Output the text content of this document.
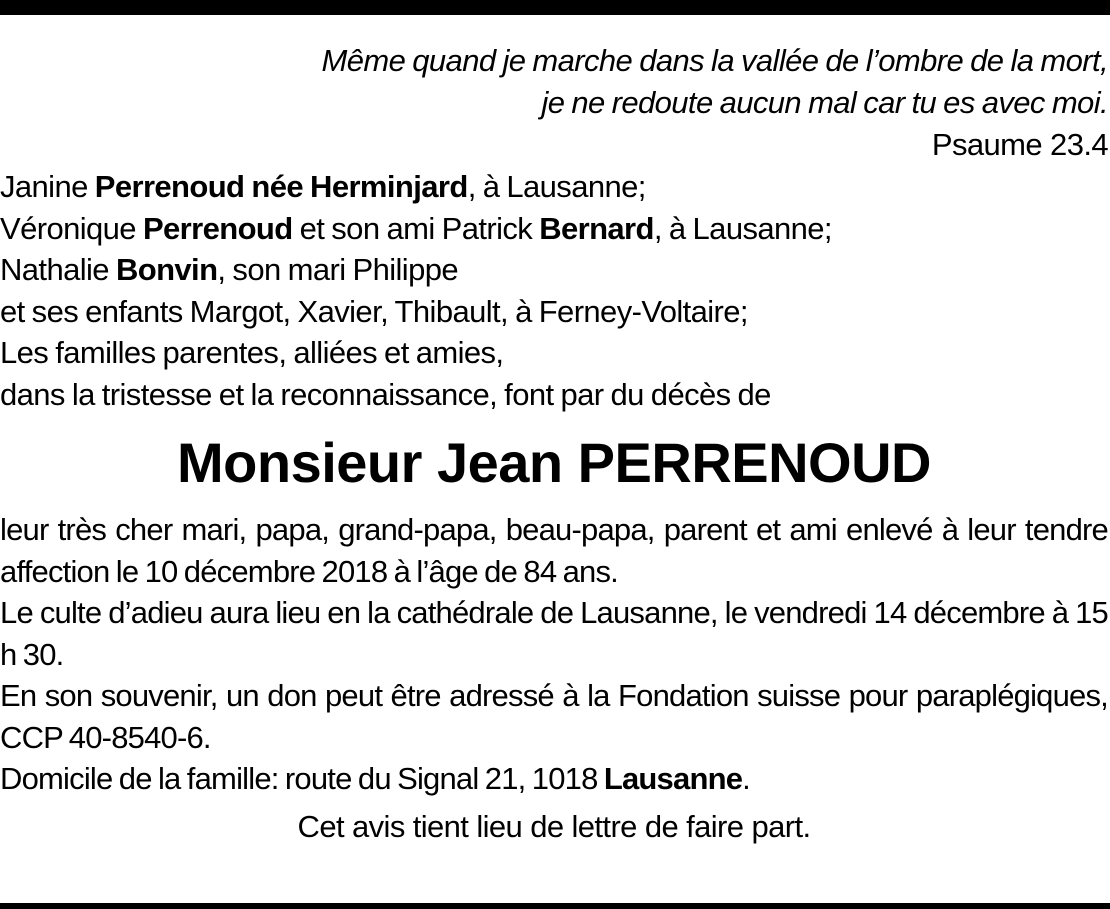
Même quand je marche dans la vallée de l’ombre de la mort,
je ne redoute aucun mal car tu es avec moi.
Psaume 23.4
Janine Perrenoud née Herminjard, à Lausanne;
Véronique Perrenoud et son ami Patrick Bernard, à Lausanne;
Nathalie Bonvin, son mari Philippe
et ses enfants Margot, Xavier, Thibault, à Ferney-Voltaire;
Les familles parentes, alliées et amies,
dans la tristesse et la reconnaissance, font par du décès de
Monsieur Jean PERRENOUD

leur très cher mari, papa, grand-papa, beau-papa, parent et ami enlevé à leur tendre affection le 10 décembre 2018 à l’âge de 84 ans.

Le culte d’adieu aura lieu en la cathédrale de Lausanne, le vendredi 14 décembre à 15 h 30.

En son souvenir, un don peut être adressé à la Fondation suisse pour paraplégiques, CCP 40-8540-6.

Domicile de la famille: route du Signal 21, 1018 Lausanne.

Cet avis tient lieu de lettre de faire part.
